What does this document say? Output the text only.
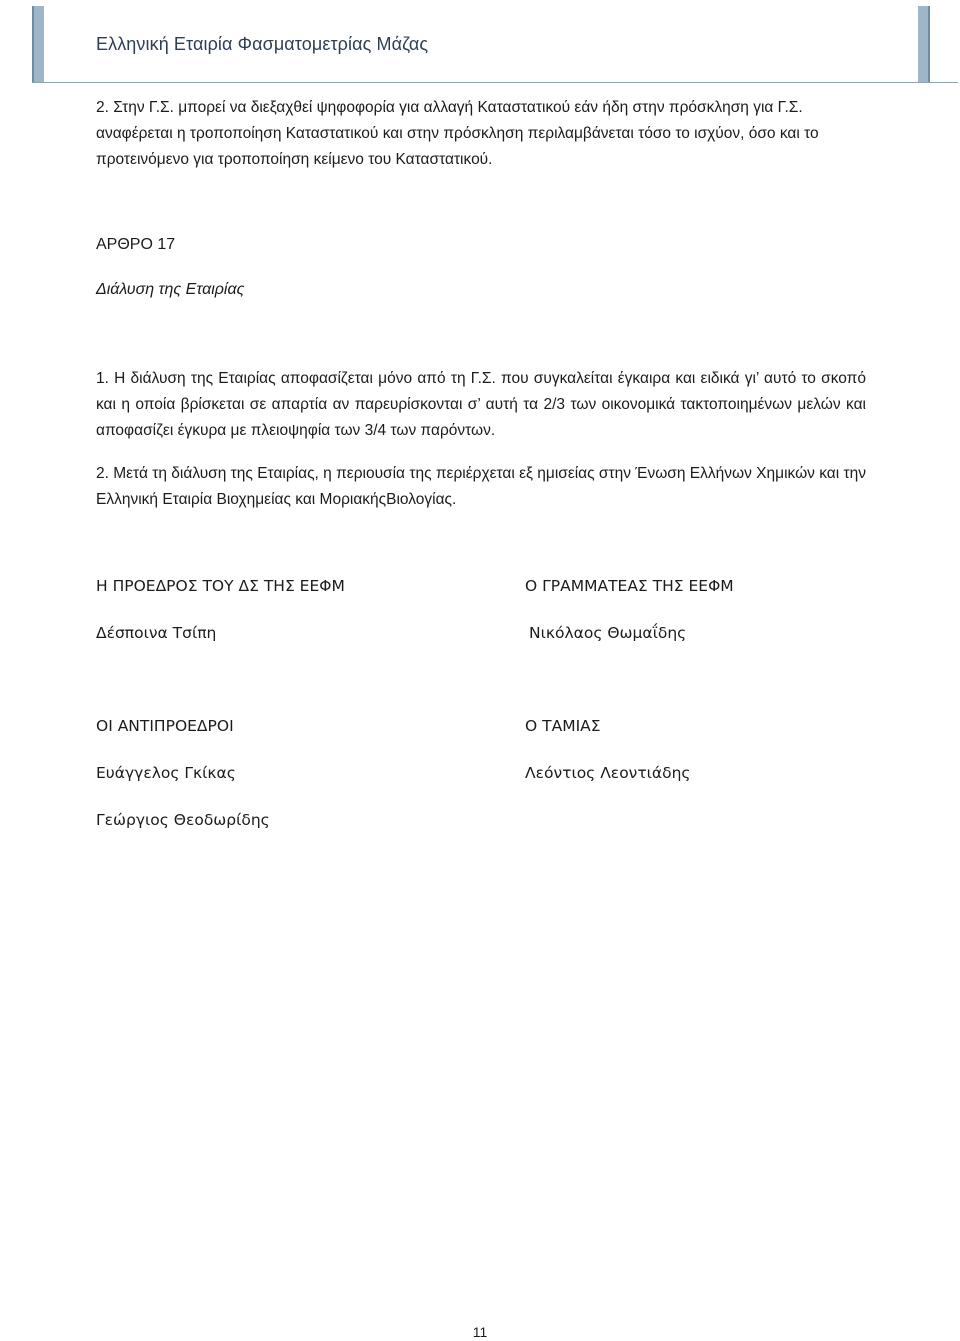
Ελληνική Εταιρία Φασματομετρίας Μάζας
2. Στην Γ.Σ. μπορεί να διεξαχθεί ψηφοφορία για αλλαγή Καταστατικού εάν ήδη στην πρόσκληση για Γ.Σ. αναφέρεται η τροποποίηση Καταστατικού και στην πρόσκληση περιλαμβάνεται τόσο το ισχύον, όσο και το προτεινόμενο για τροποποίηση κείμενο του Καταστατικού.
ΑΡΘΡΟ 17
Διάλυση της Εταιρίας
1. Η διάλυση της Εταιρίας αποφασίζεται μόνο από τη Γ.Σ. που συγκαλείται έγκαιρα και ειδικά γι’ αυτό το σκοπό και η οποία βρίσκεται σε απαρτία αν παρευρίσκονται σ’ αυτή τα 2/3 των οικονομικά τακτοποιημένων μελών και αποφασίζει έγκυρα με πλειοψηφία των 3/4 των παρόντων.
2. Μετά τη διάλυση της Εταιρίας, η περιουσία της περιέρχεται εξ ημισείας στην Ένωση Ελλήνων Χημικών και την Ελληνική Εταιρία Βιοχημείας και ΜοριακήςΒιολογίας.
Η ΠΡΟΕΔΡΟΣ ΤΟΥ ΔΣ ΤΗΣ ΕΕΦΜ	Ο ΓΡΑΜΜΑΤΕΑΣ ΤΗΣ ΕΕΦΜ
Δέσποινα Τσίπη	Νικόλαος Θωμαΐδης
ΟΙ ΑΝΤΙΠΡΟΕΔΡΟΙ	Ο ΤΑΜΙΑΣ
Ευάγγελος Γκίκας	Λεόντιος Λεοντιάδης
Γεώργιος Θεοδωρίδης
11
